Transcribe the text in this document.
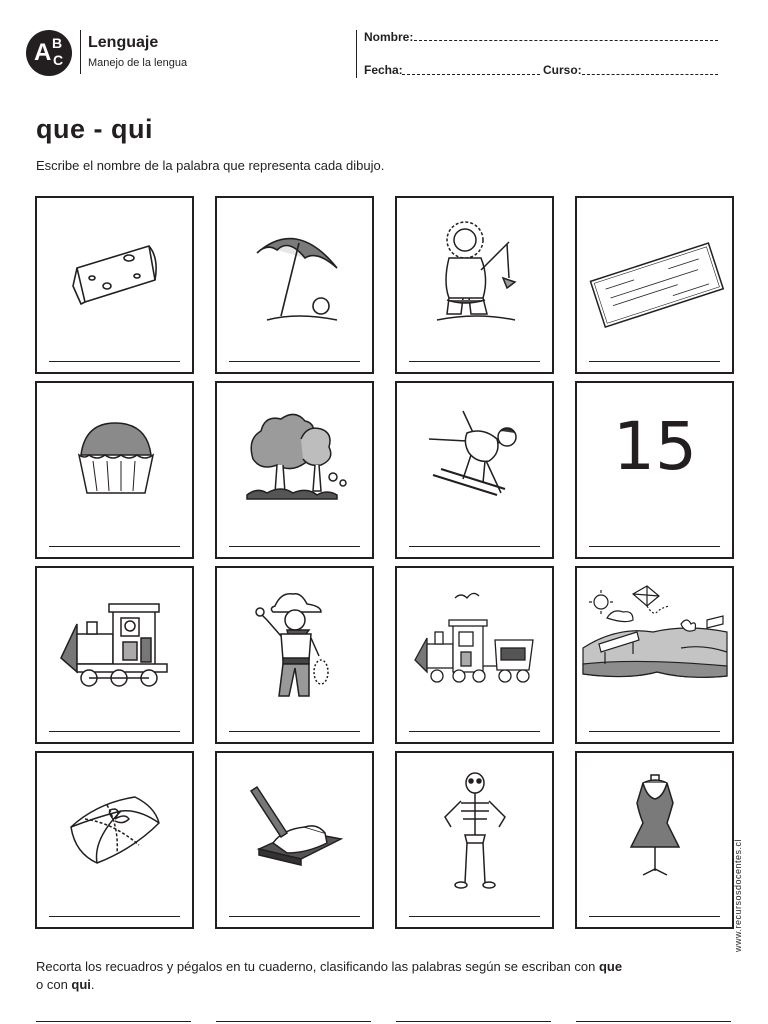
A B
C
Lenguaje
Manejo de la lengua
Nombre:
Fecha:	Curso:
que - qui
Escribe el nombre de la palabra que representa cada dibujo.
15
www.recursosdocentes.cl
Recorta los recuadros y pégalos en tu cuaderno, clasificando las palabras según se escriban con que
o con qui.
